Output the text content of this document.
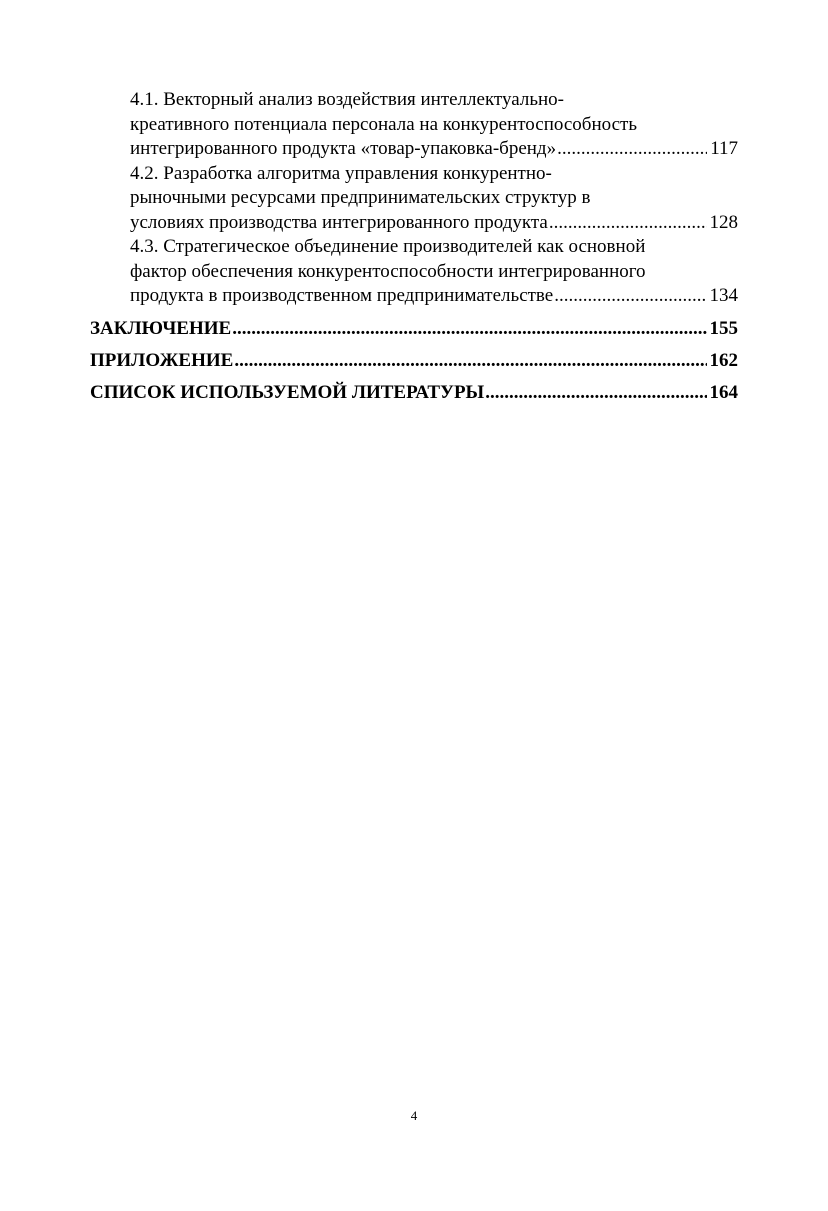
4.1. Векторный анализ воздействия интеллектуально-
креативного потенциала персонала на конкурентоспособность
интегрированного продукта «товар-упаковка-бренд» .....	117
4.2. Разработка алгоритма управления конкурентно-
рыночными ресурсами предпринимательских структур в
условиях производства интегрированного продукта .....	128
4.3. Стратегическое объединение производителей как основной
фактор обеспечения конкурентоспособности интегрированного
продукта в производственном предпринимательстве .....	134
ЗАКЛЮЧЕНИЕ .....	155
ПРИЛОЖЕНИЕ .....	162
СПИСОК ИСПОЛЬЗУЕМОЙ ЛИТЕРАТУРЫ .....	164
4
